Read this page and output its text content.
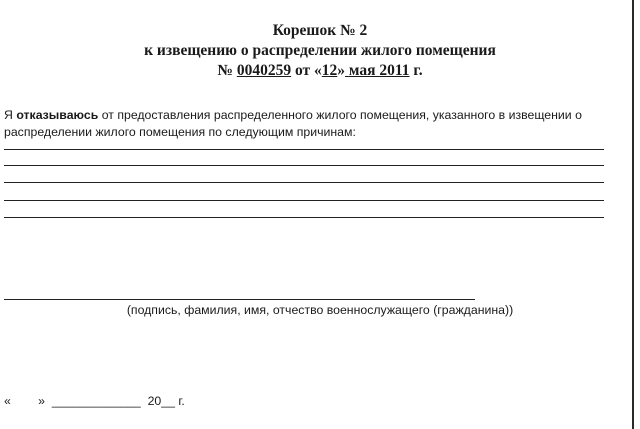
Корешок № 2
к извещению о распределении жилого помещения
№ 0040259 от «12» мая 2011 г.
Я отказываюсь от предоставления распределенного жилого помещения, указанного в извещении о
распределении жилого помещения по следующим причинам:
(подпись, фамилия, имя, отчество военнослужащего (гражданина))
«        »  _____________  20__ г.
